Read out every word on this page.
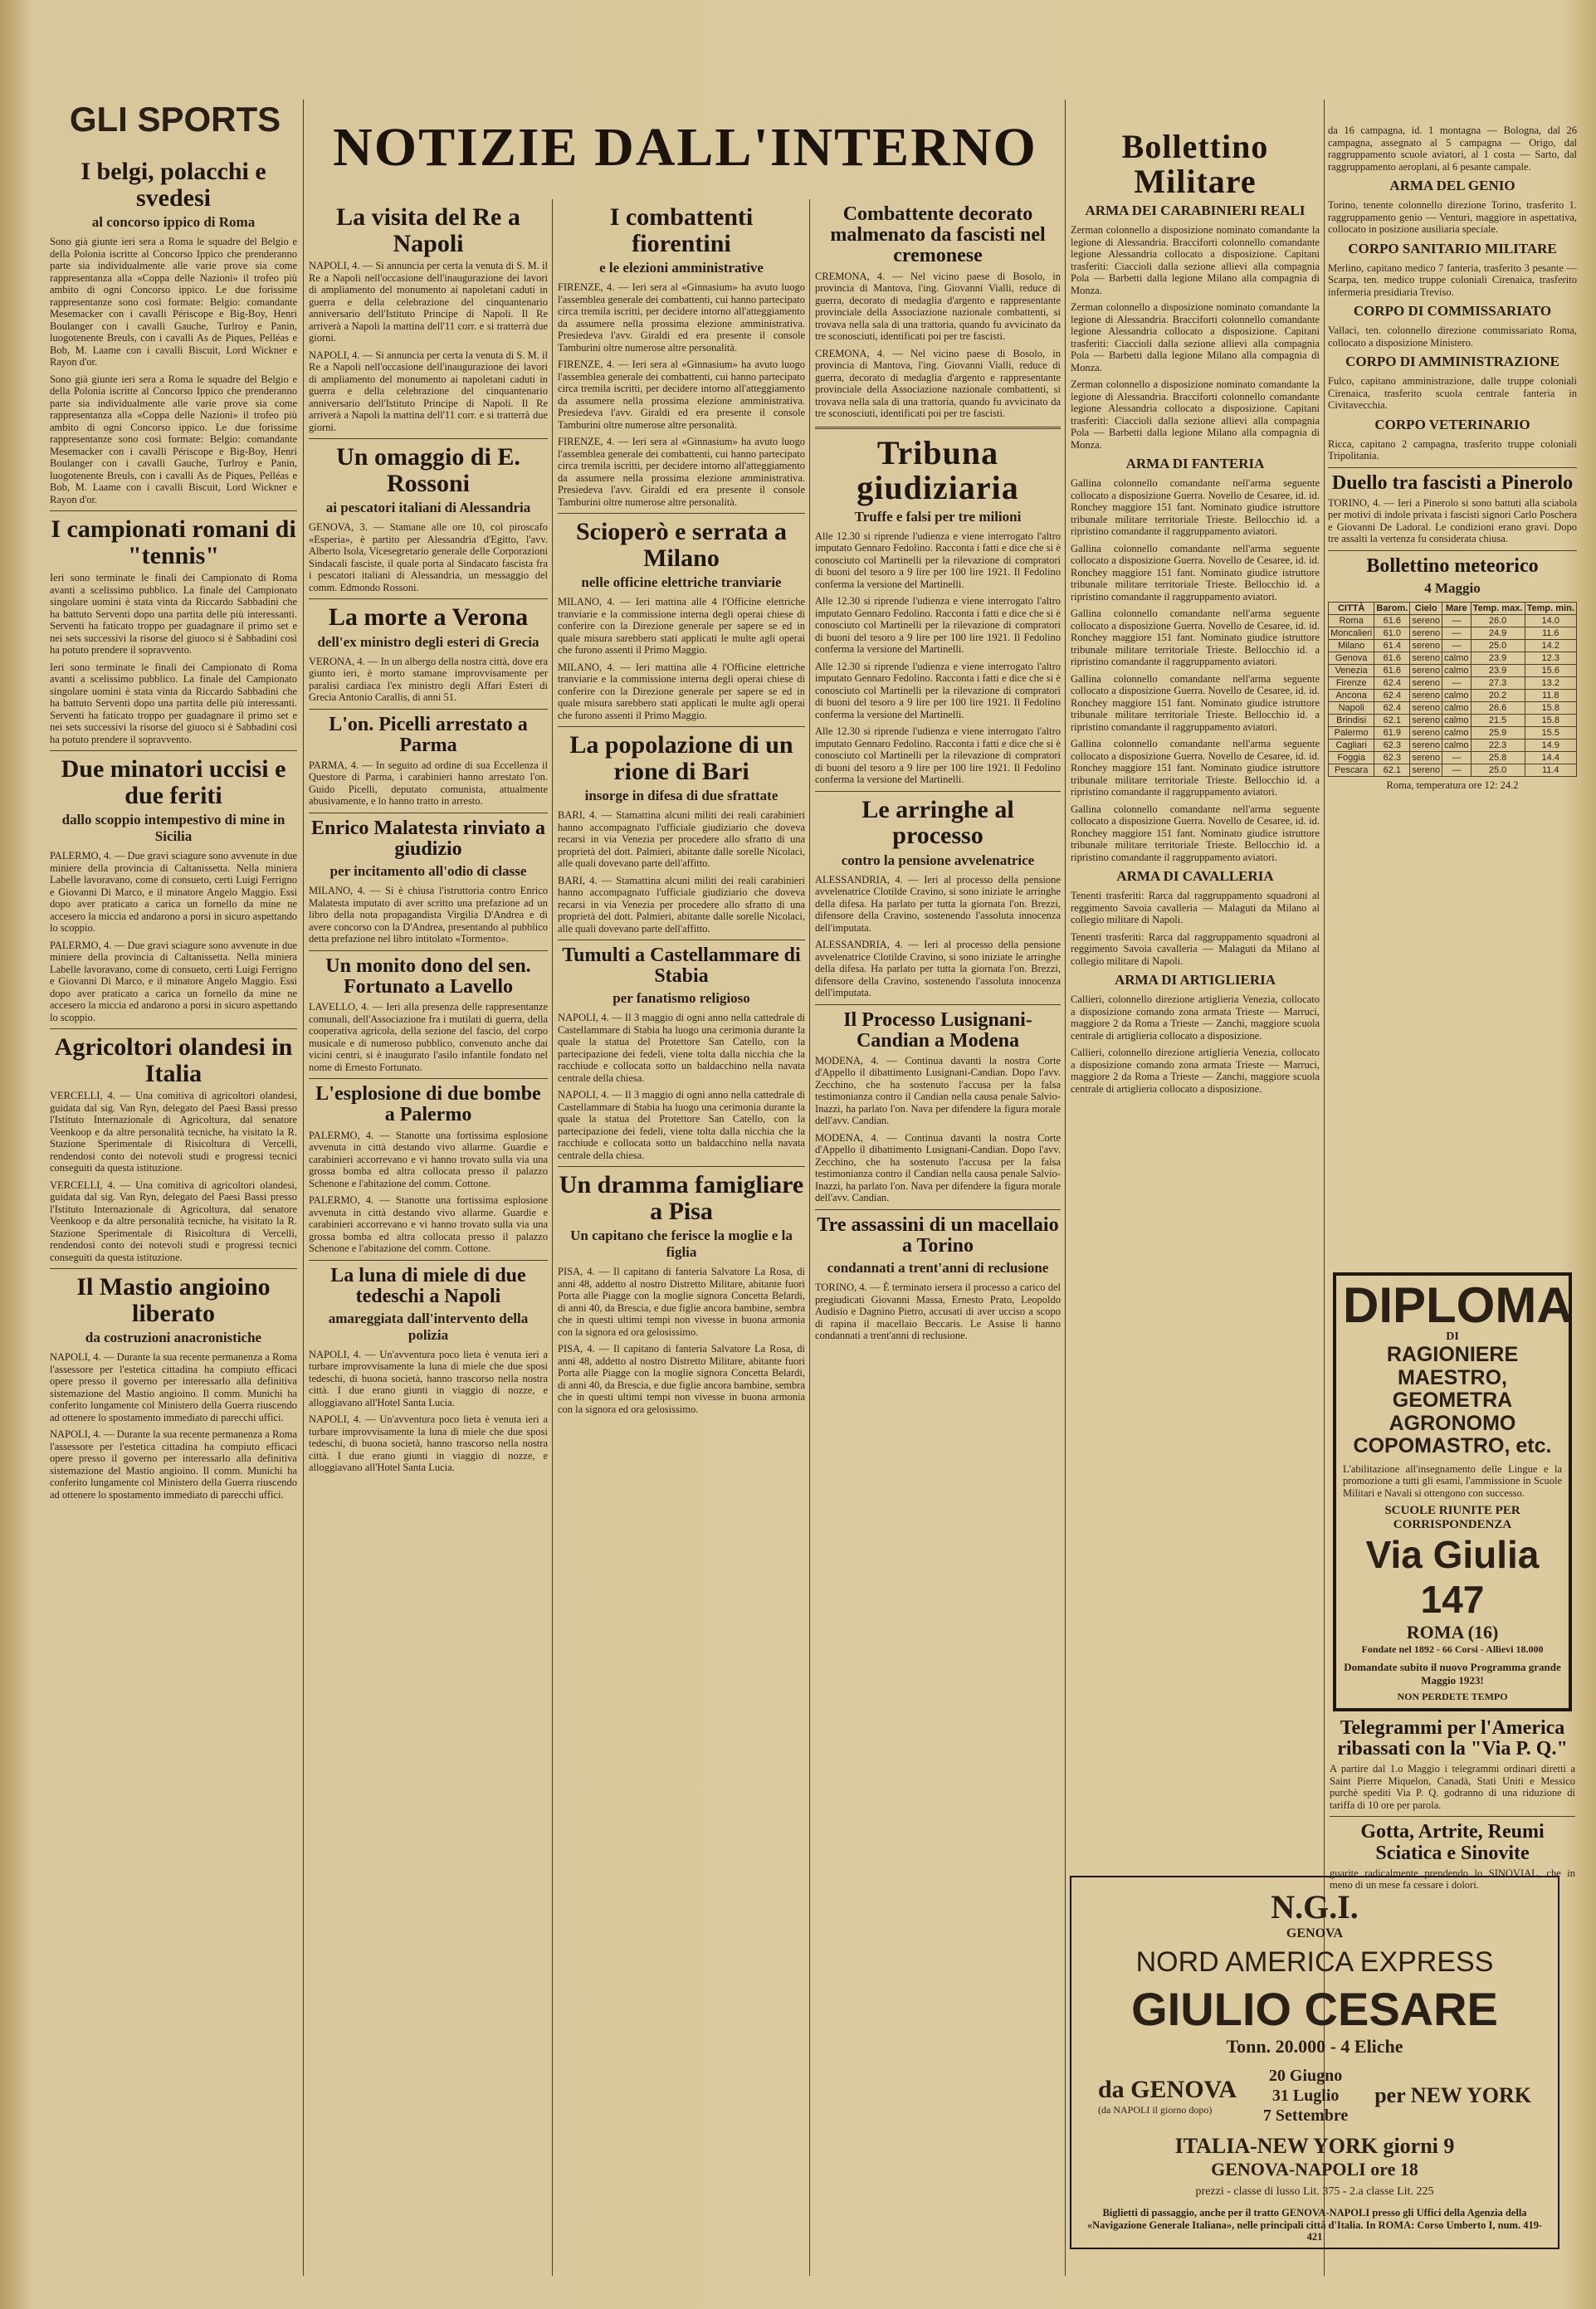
GLI SPORTS NOTIZIE DALL'INTERNO
I belgi, polacchi e svedesi
al concorso ippico di Roma

Sono già giunte ieri sera a Roma le squadre del Belgio e della Polonia iscritte al Concorso Ippico che prenderanno parte sia individualmente alle varie prove sia come rappresentanza alla «Coppa delle Nazioni» il trofeo più ambito di ogni Concorso ippico. Le due forissime rappresentanze sono così formate: Belgio: comandante Mesemacker con i cavalli Périscope e Big-Boy, Henri Boulanger con i cavalli Gauche, Turlroy e Panin, luogotenente Breuls, con i cavalli As de Piques, Pelléas e Bob, M. Laame con i cavalli Biscuit, Lord Wickner e Rayon d'or.

Sono già giunte ieri sera a Roma le squadre del Belgio e della Polonia iscritte al Concorso Ippico che prenderanno parte sia individualmente alle varie prove sia come rappresentanza alla «Coppa delle Nazioni» il trofeo più ambito di ogni Concorso ippico. Le due forissime rappresentanze sono così formate: Belgio: comandante Mesemacker con i cavalli Périscope e Big-Boy, Henri Boulanger con i cavalli Gauche, Turlroy e Panin, luogotenente Breuls, con i cavalli As de Piques, Pelléas e Bob, M. Laame con i cavalli Biscuit, Lord Wickner e Rayon d'or.

I campionati romani di "tennis"

Ieri sono terminate le finali dei Campionato di Roma avanti a scelissimo pubblico. La finale del Campionato singolare uomini è stata vinta da Riccardo Sabbadini che ha battuto Serventi dopo una partita delle più interessanti. Serventi ha faticato troppo per guadagnare il primo set e nei sets successivi la risorse del giuoco si è Sabbadini così ha potuto prendere il sopravvento.

Ieri sono terminate le finali dei Campionato di Roma avanti a scelissimo pubblico. La finale del Campionato singolare uomini è stata vinta da Riccardo Sabbadini che ha battuto Serventi dopo una partita delle più interessanti. Serventi ha faticato troppo per guadagnare il primo set e nei sets successivi la risorse del giuoco si è Sabbadini così ha potuto prendere il sopravvento.

Due minatori uccisi e due feriti
dallo scoppio intempestivo di mine in Sicilia

PALERMO, 4. — Due gravi sciagure sono avvenute in due miniere della provincia di Caltanissetta. Nella miniera Labelle lavoravano, come di consueto, certi Luigi Ferrigno e Giovanni Di Marco, e il minatore Angelo Maggio. Essi dopo aver praticato a carica un fornello da mine ne accesero la miccia ed andarono a porsi in sicuro aspettando lo scoppio.

PALERMO, 4. — Due gravi sciagure sono avvenute in due miniere della provincia di Caltanissetta. Nella miniera Labelle lavoravano, come di consueto, certi Luigi Ferrigno e Giovanni Di Marco, e il minatore Angelo Maggio. Essi dopo aver praticato a carica un fornello da mine ne accesero la miccia ed andarono a porsi in sicuro aspettando lo scoppio.

Agricoltori olandesi in Italia

VERCELLI, 4. — Una comitiva di agricoltori olandesi, guidata dal sig. Van Ryn, delegato del Paesi Bassi presso l'Istituto Internazionale di Agricoltura, dal senatore Veenkoop e da altre personalità tecniche, ha visitato la R. Stazione Sperimentale di Risicoltura di Vercelli, rendendosi conto dei notevoli studi e progressi tecnici conseguiti da questa istituzione.

VERCELLI, 4. — Una comitiva di agricoltori olandesi, guidata dal sig. Van Ryn, delegato del Paesi Bassi presso l'Istituto Internazionale di Agricoltura, dal senatore Veenkoop e da altre personalità tecniche, ha visitato la R. Stazione Sperimentale di Risicoltura di Vercelli, rendendosi conto dei notevoli studi e progressi tecnici conseguiti da questa istituzione.

Il Mastio angioino liberato
da costruzioni anacronistiche

NAPOLI, 4. — Durante la sua recente permanenza a Roma l'assessore per l'estetica cittadina ha compiuto efficaci opere presso il governo per interessarlo alla definitiva sistemazione del Mastio angioino. Il comm. Munichi ha conferito lungamente col Ministero della Guerra riuscendo ad ottenere lo spostamento immediato di parecchi uffici.

NAPOLI, 4. — Durante la sua recente permanenza a Roma l'assessore per l'estetica cittadina ha compiuto efficaci opere presso il governo per interessarlo alla definitiva sistemazione del Mastio angioino. Il comm. Munichi ha conferito lungamente col Ministero della Guerra riuscendo ad ottenere lo spostamento immediato di parecchi uffici.

La visita del Re a Napoli

NAPOLI, 4. — Si annuncia per certa la venuta di S. M. il Re a Napoli nell'occasione dell'inaugurazione dei lavori di ampliamento del monumento ai napoletani caduti in guerra e della celebrazione del cinquantenario anniversario dell'Istituto Principe di Napoli. Il Re arriverà a Napoli la mattina dell'11 corr. e si tratterrà due giorni.

NAPOLI, 4. — Si annuncia per certa la venuta di S. M. il Re a Napoli nell'occasione dell'inaugurazione dei lavori di ampliamento del monumento ai napoletani caduti in guerra e della celebrazione del cinquantenario anniversario dell'Istituto Principe di Napoli. Il Re arriverà a Napoli la mattina dell'11 corr. e si tratterrà due giorni.

Un omaggio di E. Rossoni
ai pescatori italiani di Alessandria

GENOVA, 3. — Stamane alle ore 10, col piroscafo «Esperia», è partito per Alessandria d'Egitto, l'avv. Alberto Isola, Vicesegretario generale delle Corporazioni Sindacali fasciste, il quale porta al Sindacato fascista fra i pescatori italiani di Alessandria, un messaggio del comm. Edmondo Rossoni.

La morte a Verona
dell'ex ministro degli esteri di Grecia

VERONA, 4. — In un albergo della nostra città, dove era giunto ieri, è morto stamane improvvisamente per paralisi cardiaca l'ex ministro degli Affari Esteri di Grecia Antonio Carallis, di anni 51.

L'on. Picelli arrestato a Parma

PARMA, 4. — In seguito ad ordine di sua Eccellenza il Questore di Parma, i carabinieri hanno arrestato l'on. Guido Picelli, deputato comunista, attualmente abusivamente, e lo hanno tratto in arresto.

Enrico Malatesta rinviato a giudizio
per incitamento all'odio di classe

MILANO, 4. — Si è chiusa l'istruttoria contro Enrico Malatesta imputato di aver scritto una prefazione ad un libro della nota propagandista Virgilia D'Andrea e di avere concorso con la D'Andrea, presentando al pubblico detta prefazione nel libro intitolato «Tormento».

Un monito dono del sen. Fortunato a Lavello

LAVELLO, 4. — Ieri alla presenza delle rappresentanze comunali, dell'Associazione fra i mutilati di guerra, della cooperativa agricola, della sezione del fascio, del corpo musicale e di numeroso pubblico, convenuto anche dai vicini centri, si è inaugurato l'asilo infantile fondato nel nome di Ernesto Fortunato.

L'esplosione di due bombe a Palermo

PALERMO, 4. — Stanotte una fortissima esplosione avvenuta in città destando vivo allarme. Guardie e carabinieri accorrevano e vi hanno trovato sulla via una grossa bomba ed altra collocata presso il palazzo Schenone e l'abitazione del comm. Cottone.

PALERMO, 4. — Stanotte una fortissima esplosione avvenuta in città destando vivo allarme. Guardie e carabinieri accorrevano e vi hanno trovato sulla via una grossa bomba ed altra collocata presso il palazzo Schenone e l'abitazione del comm. Cottone.

La luna di miele di due tedeschi a Napoli
amareggiata dall'intervento della polizia

NAPOLI, 4. — Un'avventura poco lieta è venuta ieri a turbare improvvisamente la luna di miele che due sposi tedeschi, di buona società, hanno trascorso nella nostra città. I due erano giunti in viaggio di nozze, e alloggiavano all'Hotel Santa Lucia.

NAPOLI, 4. — Un'avventura poco lieta è venuta ieri a turbare improvvisamente la luna di miele che due sposi tedeschi, di buona società, hanno trascorso nella nostra città. I due erano giunti in viaggio di nozze, e alloggiavano all'Hotel Santa Lucia.

I combattenti fiorentini
e le elezioni amministrative

FIRENZE, 4. — Ieri sera al «Ginnasium» ha avuto luogo l'assemblea generale dei combattenti, cui hanno partecipato circa tremila iscritti, per decidere intorno all'atteggiamento da assumere nella prossima elezione amministrativa. Presiedeva l'avv. Giraldi ed era presente il console Tamburini oltre numerose altre personalità.

FIRENZE, 4. — Ieri sera al «Ginnasium» ha avuto luogo l'assemblea generale dei combattenti, cui hanno partecipato circa tremila iscritti, per decidere intorno all'atteggiamento da assumere nella prossima elezione amministrativa. Presiedeva l'avv. Giraldi ed era presente il console Tamburini oltre numerose altre personalità.

FIRENZE, 4. — Ieri sera al «Ginnasium» ha avuto luogo l'assemblea generale dei combattenti, cui hanno partecipato circa tremila iscritti, per decidere intorno all'atteggiamento da assumere nella prossima elezione amministrativa. Presiedeva l'avv. Giraldi ed era presente il console Tamburini oltre numerose altre personalità.

Scioperò e serrata a Milano
nelle officine elettriche tranviarie

MILANO, 4. — Ieri mattina alle 4 l'Officine elettriche tranviarie e la commissione interna degli operai chiese di conferire con la Direzione generale per sapere se ed in quale misura sarebbero stati applicati le multe agli operai che furono assenti il Primo Maggio.

MILANO, 4. — Ieri mattina alle 4 l'Officine elettriche tranviarie e la commissione interna degli operai chiese di conferire con la Direzione generale per sapere se ed in quale misura sarebbero stati applicati le multe agli operai che furono assenti il Primo Maggio.

La popolazione di un rione di Bari
insorge in difesa di due sfrattate

BARI, 4. — Stamattina alcuni militi dei reali carabinieri hanno accompagnato l'ufficiale giudiziario che doveva recarsi in via Venezia per procedere allo sfratto di una proprietà del dott. Palmieri, abitante dalle sorelle Nicolaci, alle quali dovevano parte dell'affitto.

BARI, 4. — Stamattina alcuni militi dei reali carabinieri hanno accompagnato l'ufficiale giudiziario che doveva recarsi in via Venezia per procedere allo sfratto di una proprietà del dott. Palmieri, abitante dalle sorelle Nicolaci, alle quali dovevano parte dell'affitto.

Tumulti a Castellammare di Stabia
per fanatismo religioso

NAPOLI, 4. — Il 3 maggio di ogni anno nella cattedrale di Castellammare di Stabia ha luogo una cerimonia durante la quale la statua del Protettore San Catello, con la partecipazione dei fedeli, viene tolta dalla nicchia che la racchiude e collocata sotto un baldacchino nella navata centrale della chiesa.

NAPOLI, 4. — Il 3 maggio di ogni anno nella cattedrale di Castellammare di Stabia ha luogo una cerimonia durante la quale la statua del Protettore San Catello, con la partecipazione dei fedeli, viene tolta dalla nicchia che la racchiude e collocata sotto un baldacchino nella navata centrale della chiesa.

Un dramma famigliare a Pisa
Un capitano che ferisce la moglie e la figlia

PISA, 4. — Il capitano di fanteria Salvatore La Rosa, di anni 48, addetto al nostro Distretto Militare, abitante fuori Porta alle Piagge con la moglie signora Concetta Belardi, di anni 40, da Brescia, e due figlie ancora bambine, sembra che in questi ultimi tempi non vivesse in buona armonia con la signora ed ora gelosissimo.

PISA, 4. — Il capitano di fanteria Salvatore La Rosa, di anni 48, addetto al nostro Distretto Militare, abitante fuori Porta alle Piagge con la moglie signora Concetta Belardi, di anni 40, da Brescia, e due figlie ancora bambine, sembra che in questi ultimi tempi non vivesse in buona armonia con la signora ed ora gelosissimo.

Combattente decorato malmenato da fascisti nel cremonese

CREMONA, 4. — Nel vicino paese di Bosolo, in provincia di Mantova, l'ing. Giovanni Vialli, reduce di guerra, decorato di medaglia d'argento e rappresentante provinciale della Associazione nazionale combattenti, si trovava nella sala di una trattoria, quando fu avvicinato da tre sconosciuti, identificati poi per tre fascisti.

CREMONA, 4. — Nel vicino paese di Bosolo, in provincia di Mantova, l'ing. Giovanni Vialli, reduce di guerra, decorato di medaglia d'argento e rappresentante provinciale della Associazione nazionale combattenti, si trovava nella sala di una trattoria, quando fu avvicinato da tre sconosciuti, identificati poi per tre fascisti.

Tribuna giudiziaria
Truffe e falsi per tre milioni

Alle 12.30 si riprende l'udienza e viene interrogato l'altro imputato Gennaro Fedolino. Racconta i fatti e dice che si è conosciuto col Martinelli per la rilevazione di compratori di buoni del tesoro a 9 lire per 100 lire 1921. Il Fedolino conferma la versione del Martinelli.

Alle 12.30 si riprende l'udienza e viene interrogato l'altro imputato Gennaro Fedolino. Racconta i fatti e dice che si è conosciuto col Martinelli per la rilevazione di compratori di buoni del tesoro a 9 lire per 100 lire 1921. Il Fedolino conferma la versione del Martinelli.

Alle 12.30 si riprende l'udienza e viene interrogato l'altro imputato Gennaro Fedolino. Racconta i fatti e dice che si è conosciuto col Martinelli per la rilevazione di compratori di buoni del tesoro a 9 lire per 100 lire 1921. Il Fedolino conferma la versione del Martinelli.

Alle 12.30 si riprende l'udienza e viene interrogato l'altro imputato Gennaro Fedolino. Racconta i fatti e dice che si è conosciuto col Martinelli per la rilevazione di compratori di buoni del tesoro a 9 lire per 100 lire 1921. Il Fedolino conferma la versione del Martinelli.

Le arringhe al processo
contro la pensione avvelenatrice

ALESSANDRIA, 4. — Ieri al processo della pensione avvelenatrice Clotilde Cravino, si sono iniziate le arringhe della difesa. Ha parlato per tutta la giornata l'on. Brezzi, difensore della Cravino, sostenendo l'assoluta innocenza dell'imputata.

ALESSANDRIA, 4. — Ieri al processo della pensione avvelenatrice Clotilde Cravino, si sono iniziate le arringhe della difesa. Ha parlato per tutta la giornata l'on. Brezzi, difensore della Cravino, sostenendo l'assoluta innocenza dell'imputata.

Il Processo Lusignani-Candian a Modena

MODENA, 4. — Continua davanti la nostra Corte d'Appello il dibattimento Lusignani-Candian. Dopo l'avv. Zecchino, che ha sostenuto l'accusa per la falsa testimonianza contro il Candian nella causa penale Salvio-Inazzi, ha parlato l'on. Nava per difendere la figura morale dell'avv. Candian.

MODENA, 4. — Continua davanti la nostra Corte d'Appello il dibattimento Lusignani-Candian. Dopo l'avv. Zecchino, che ha sostenuto l'accusa per la falsa testimonianza contro il Candian nella causa penale Salvio-Inazzi, ha parlato l'on. Nava per difendere la figura morale dell'avv. Candian.

Tre assassini di un macellaio a Torino
condannati a trent'anni di reclusione

TORINO, 4. — È terminato iersera il processo a carico del pregiudicati Giovanni Massa, Ernesto Prato, Leopoldo Audisio e Dagnino Pietro, accusati di aver ucciso a scopo di rapina il macellaio Beccaris. Le Assise li hanno condannati a trent'anni di reclusione.

Bollettino Militare
ARMA DEI CARABINIERI REALI

Zerman colonnello a disposizione nominato comandante la legione di Alessandria. Bracciforti colonnello comandante legione Alessandria collocato a disposizione. Capitani trasferiti: Ciaccioli dalla sezione allievi alla compagnia Pola — Barbetti dalla legione Milano alla compagnia di Monza.

Zerman colonnello a disposizione nominato comandante la legione di Alessandria. Bracciforti colonnello comandante legione Alessandria collocato a disposizione. Capitani trasferiti: Ciaccioli dalla sezione allievi alla compagnia Pola — Barbetti dalla legione Milano alla compagnia di Monza.

Zerman colonnello a disposizione nominato comandante la legione di Alessandria. Bracciforti colonnello comandante legione Alessandria collocato a disposizione. Capitani trasferiti: Ciaccioli dalla sezione allievi alla compagnia Pola — Barbetti dalla legione Milano alla compagnia di Monza.

ARMA DI FANTERIA

Gallina colonnello comandante nell'arma seguente collocato a disposizione Guerra. Novello de Cesaree, id. id. Ronchey maggiore 151 fant. Nominato giudice istruttore tribunale militare territoriale Trieste. Bellocchio id. a ripristino comandante il raggruppamento aviatori.

Gallina colonnello comandante nell'arma seguente collocato a disposizione Guerra. Novello de Cesaree, id. id. Ronchey maggiore 151 fant. Nominato giudice istruttore tribunale militare territoriale Trieste. Bellocchio id. a ripristino comandante il raggruppamento aviatori.

Gallina colonnello comandante nell'arma seguente collocato a disposizione Guerra. Novello de Cesaree, id. id. Ronchey maggiore 151 fant. Nominato giudice istruttore tribunale militare territoriale Trieste. Bellocchio id. a ripristino comandante il raggruppamento aviatori.

Gallina colonnello comandante nell'arma seguente collocato a disposizione Guerra. Novello de Cesaree, id. id. Ronchey maggiore 151 fant. Nominato giudice istruttore tribunale militare territoriale Trieste. Bellocchio id. a ripristino comandante il raggruppamento aviatori.

Gallina colonnello comandante nell'arma seguente collocato a disposizione Guerra. Novello de Cesaree, id. id. Ronchey maggiore 151 fant. Nominato giudice istruttore tribunale militare territoriale Trieste. Bellocchio id. a ripristino comandante il raggruppamento aviatori.

Gallina colonnello comandante nell'arma seguente collocato a disposizione Guerra. Novello de Cesaree, id. id. Ronchey maggiore 151 fant. Nominato giudice istruttore tribunale militare territoriale Trieste. Bellocchio id. a ripristino comandante il raggruppamento aviatori.

ARMA DI CAVALLERIA

Tenenti trasferiti: Rarca dal raggruppamento squadroni al reggimento Savoia cavalleria — Malaguti da Milano al collegio militare di Napoli.

Tenenti trasferiti: Rarca dal raggruppamento squadroni al reggimento Savoia cavalleria — Malaguti da Milano al collegio militare di Napoli.

ARMA DI ARTIGLIERIA

Callieri, colonnello direzione artiglieria Venezia, collocato a disposizione comando zona armata Trieste — Marruci, maggiore 2 da Roma a Trieste — Zanchi, maggiore scuola centrale di artiglieria collocato a disposizione.

Callieri, colonnello direzione artiglieria Venezia, collocato a disposizione comando zona armata Trieste — Marruci, maggiore 2 da Roma a Trieste — Zanchi, maggiore scuola centrale di artiglieria collocato a disposizione.

da 16 campagna, id. 1 montagna — Bologna, dal 26 campagna, assegnato al 5 campagna — Origo, dal raggruppamento scuole aviatori, al 1 costa — Sarto, dal raggruppamento aeroplani, al 6 pesante campale.

ARMA DEL GENIO

Torino, tenente colonnello direzione Torino, trasferito 1. raggruppamento genio — Venturi, maggiore in aspettativa, collocato in posizione ausiliaria speciale.

CORPO SANITARIO MILITARE

Merlino, capitano medico 7 fanteria, trasferito 3 pesante — Scarpa, ten. medico truppe coloniali Cirenaica, trasferito infermeria presidiaria Treviso.

CORPO DI COMMISSARIATO

Vallaci, ten. colonnello direzione commissariato Roma, collocato a disposizione Ministero.

CORPO DI AMMINISTRAZIONE

Fulco, capitano amministrazione, dalle truppe coloniali Cirenaica, trasferito scuola centrale fanteria in Civitavecchia.

CORPO VETERINARIO

Ricca, capitano 2 campagna, trasferito truppe coloniali Tripolitania.

Duello tra fascisti a Pinerolo

TORINO, 4. — Ieri a Pinerolo si sono battuti alla sciabola per motivi di indole privata i fascisti signori Carlo Poschera e Giovanni De Ladoral. Le condizioni erano gravi. Dopo tre assalti la vertenza fu considerata chiusa.

Bollettino meteorico
4 Maggio
CITTÀ	Barom.	Cielo	Mare	Temp. max.	Temp. min.
Roma	61.6	sereno	—	26.0	14.0
Moncalieri	61.0	sereno	—	24.9	11.6
Milano	61.4	sereno	—	25.0	14.2
Genova	61.6	sereno	calmo	23.9	12.3
Venezia	61.6	sereno	calmo	23.9	15.6
Firenze	62.4	sereno	—	27.3	13.2
Ancona	62.4	sereno	calmo	20.2	11.8
Napoli	62.4	sereno	calmo	26.6	15.8
Brindisi	62.1	sereno	calmo	21.5	15.8
Palermo	61.9	sereno	calmo	25.9	15.5
Cagliari	62.3	sereno	calmo	22.3	14.9
Foggia	62.3	sereno	—	25.8	14.4
Pescara	62.1	sereno	—	25.0	11.4
Roma, temperatura ore 12: 24.2
DIPLOMA
DI
RAGIONIERE
MAESTRO, GEOMETRA
AGRONOMO
COPOMASTRO, etc.

L'abilitazione all'insegnamento delle Lingue e la promozione a tutti gli esami, l'ammissione in Scuole Militari e Navali si ottengono con successo.

SCUOLE RIUNITE PER CORRISPONDENZA
Via Giulia 147
ROMA (16)
Fondate nel 1892 - 66 Corsi - Allievi 18.000
Domandate subito il nuovo Programma grande Maggio 1923!
NON PERDETE TEMPO
Telegrammi per l'America ribassati con la "Via P. Q."

A partire dal 1.o Maggio i telegrammi ordinari diretti a Saint Pierre Miquelon, Canadà, Stati Uniti e Messico purchè spediti Via P. Q. godranno di una riduzione di tariffa di 10 ore per parola.

Gotta, Artrite, Reumi Sciatica e Sinovite

guarite radicalmente prendendo lo SINOVIAL, che in meno di un mese fa cessare i dolori.

N.G.I.
GENOVA
NORD AMERICA EXPRESS
GIULIO CESARE
Tonn. 20.000 - 4 Eliche
da GENOVA
(da NAPOLI il giorno dopo)
20 Giugno
31 Luglio
7 Settembre
per NEW YORK
ITALIA-NEW YORK giorni 9
GENOVA-NAPOLI ore 18
prezzi - classe di lusso Lit. 375 - 2.a classe Lit. 225

Biglietti di passaggio, anche per il tratto GENOVA-NAPOLI presso gli Uffici della Agenzia della «Navigazione Generale Italiana», nelle principali città d'Italia. In ROMA: Corso Umberto I, num. 419-421
